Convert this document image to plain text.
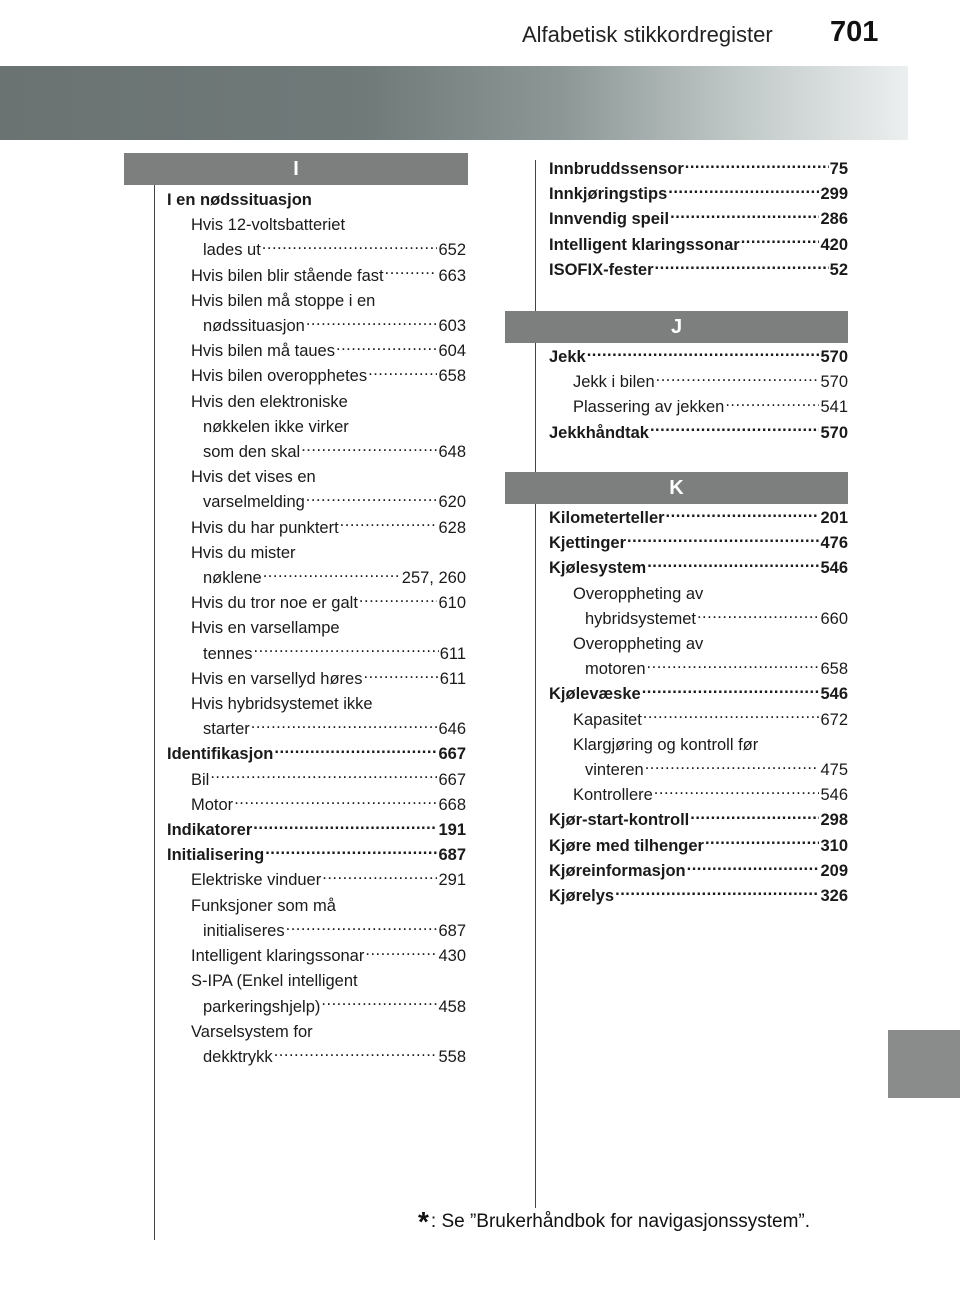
Alfabetisk stikkordregister 701
I
I en nødssituasjon
Hvis 12-voltsbatteriet
lades ut .....	652
Hvis bilen blir stående fast .....	663
Hvis bilen må stoppe i en
nødssituasjon .....	603
Hvis bilen må taues .....	604
Hvis bilen overopphetes .....	658
Hvis den elektroniske
nøkkelen ikke virker
som den skal .....	648
Hvis det vises en
varselmelding .....	620
Hvis du har punktert .....	628
Hvis du mister
nøklene .....	257, 260
Hvis du tror noe er galt .....	610
Hvis en varsellampe
tennes .....	611
Hvis en varsellyd høres .....	611
Hvis hybridsystemet ikke
starter .....	646
Identifikasjon .....	667
Bil .....	667
Motor .....	668
Indikatorer .....	191
Initialisering .....	687
Elektriske vinduer .....	291
Funksjoner som må
initialiseres .....	687
Intelligent klaringssonar .....	430
S-IPA (Enkel intelligent
parkeringshjelp) .....	458
Varselsystem for
dekktrykk .....	558
Innbruddssensor .....	75
Innkjøringstips .....	299
Innvendig speil .....	286
Intelligent klaringssonar .....	420
ISOFIX-fester .....	52
J
Jekk .....	570
Jekk i bilen .....	570
Plassering av jekken .....	541
Jekkhåndtak .....	570
K
Kilometerteller .....	201
Kjettinger .....	476
Kjølesystem .....	546
Overoppheting av
hybridsystemet .....	660
Overoppheting av
motoren .....	658
Kjølevæske .....	546
Kapasitet .....	672
Klargjøring og kontroll før
vinteren .....	475
Kontrollere .....	546
Kjør-start-kontroll .....	298
Kjøre med tilhenger .....	310
Kjøreinformasjon .....	209
Kjørelys .....	326
* : Se ”Brukerhåndbok for navigasjonssystem”.
